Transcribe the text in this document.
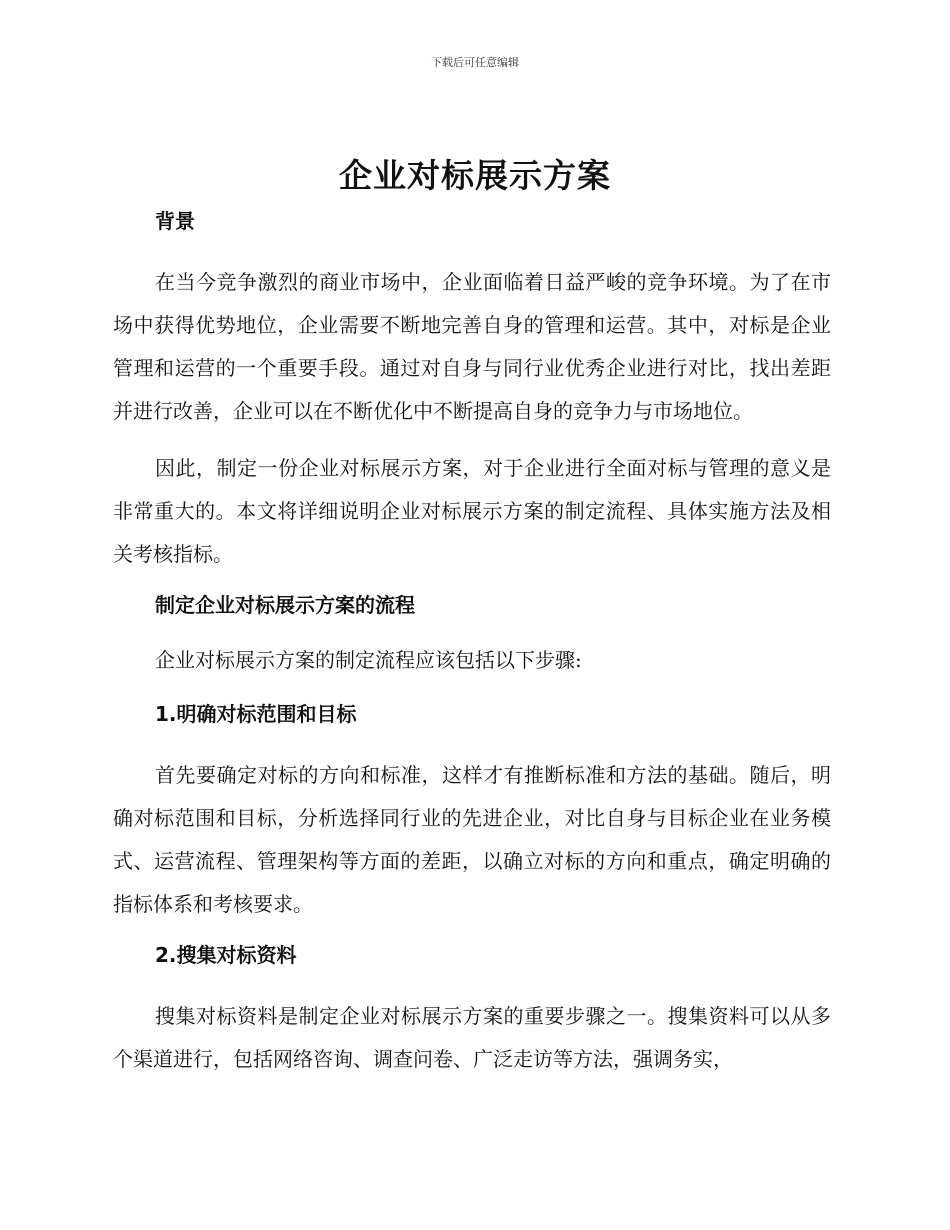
下载后可任意编辑
企业对标展示方案
背景

在当今竞争激烈的商业市场中，企业面临着日益严峻的竞争环境。为了在市场中获得优势地位，企业需要不断地完善自身的管理和运营。其中，对标是企业管理和运营的一个重要手段。通过对自身与同行业优秀企业进行对比，找出差距并进行改善，企业可以在不断优化中不断提高自身的竞争力与市场地位。

因此，制定一份企业对标展示方案，对于企业进行全面对标与管理的意义是非常重大的。本文将详细说明企业对标展示方案的制定流程、具体实施方法及相关考核指标。

制定企业对标展示方案的流程
企业对标展示方案的制定流程应该包括以下步骤:
1.明确对标范围和目标

首先要确定对标的方向和标准，这样才有推断标准和方法的基础。随后，明确对标范围和目标，分析选择同行业的先进企业，对比自身与目标企业在业务模式、运营流程、管理架构等方面的差距，以确立对标的方向和重点，确定明确的指标体系和考核要求。

2.搜集对标资料

搜集对标资料是制定企业对标展示方案的重要步骤之一。搜集资料可以从多个渠道进行，包括网络咨询、调查问卷、广泛走访等方法，强调务实，
